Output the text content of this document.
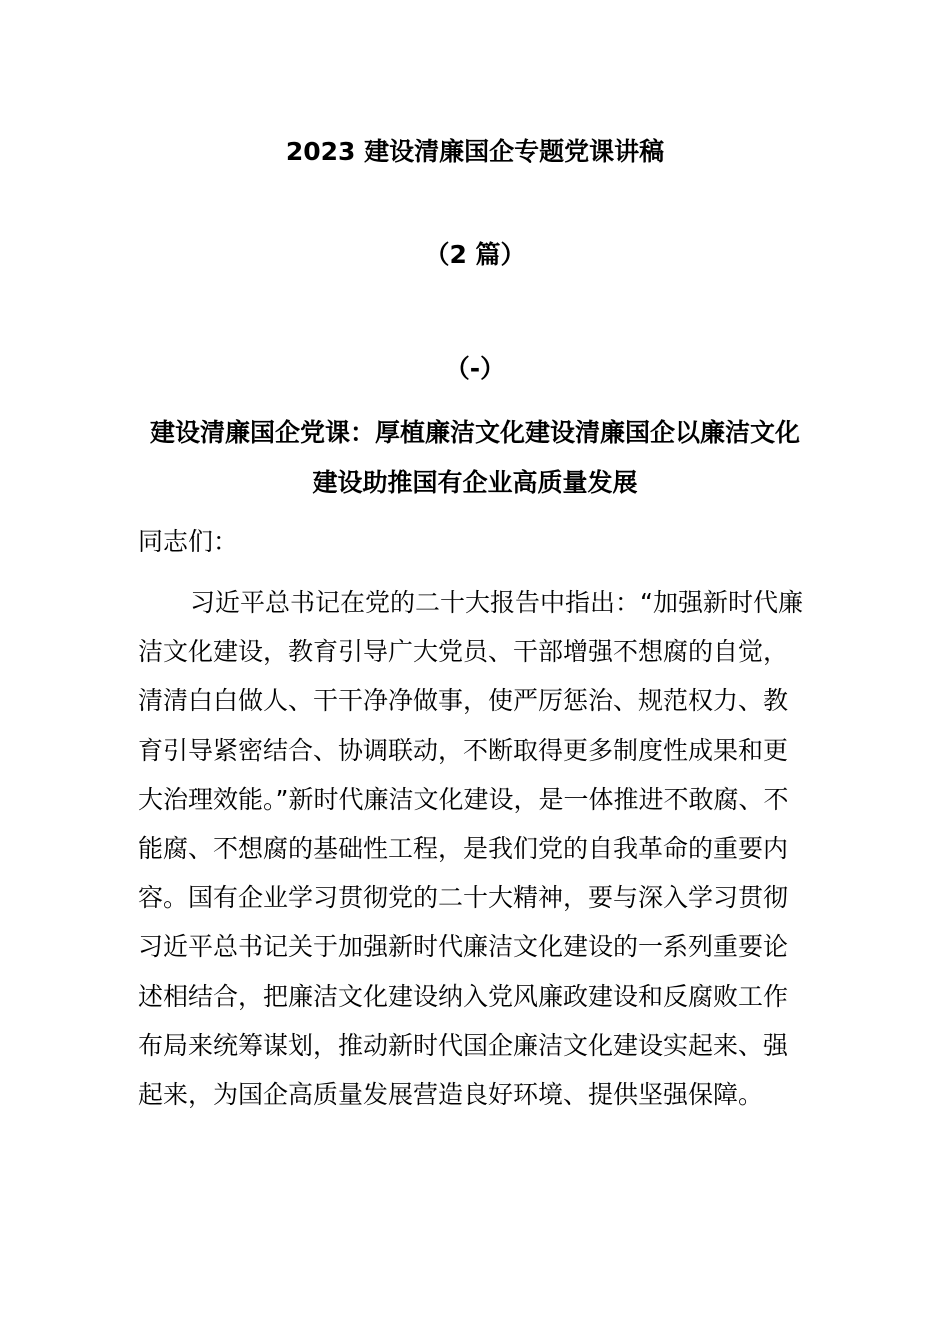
2023 建设清廉国企专题党课讲稿
（2 篇）
（-）
建设清廉国企党课：厚植廉洁文化建设清廉国企以廉洁文化
建设助推国有企业高质量发展
同志们：
习近平总书记在党的二十大报告中指出：“加强新时代廉
洁文化建设，教育引导广大党员、干部增强不想腐的自觉，
清清白白做人、干干净净做事，使严厉惩治、规范权力、教
育引导紧密结合、协调联动，不断取得更多制度性成果和更
大治理效能。”新时代廉洁文化建设，是一体推进不敢腐、不
能腐、不想腐的基础性工程，是我们党的自我革命的重要内
容。国有企业学习贯彻党的二十大精神，要与深入学习贯彻
习近平总书记关于加强新时代廉洁文化建设的一系列重要论
述相结合，把廉洁文化建设纳入党风廉政建设和反腐败工作
布局来统筹谋划，推动新时代国企廉洁文化建设实起来、强
起来，为国企高质量发展营造良好环境、提供坚强保障。
